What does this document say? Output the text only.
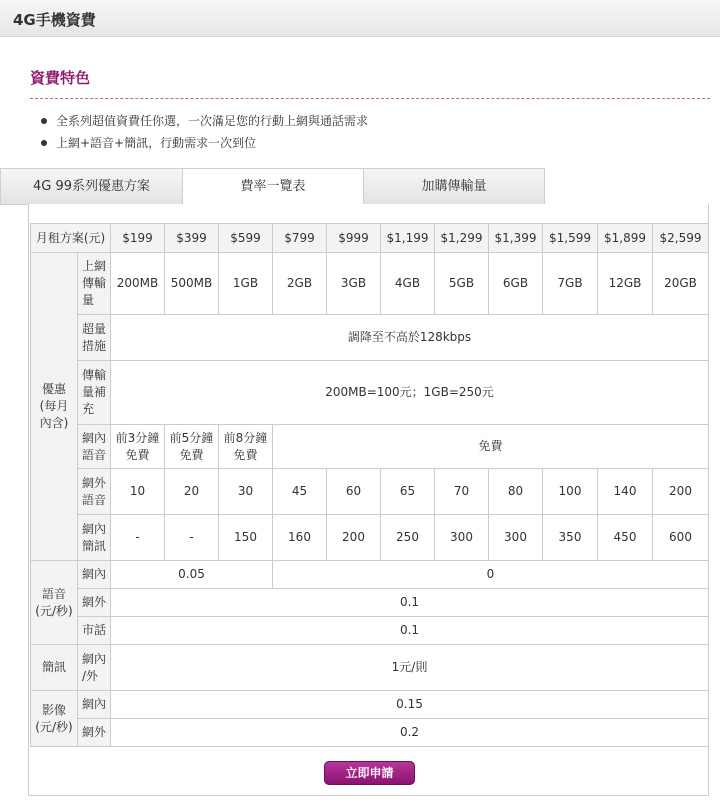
4G手機資費
資費特色
全系列超值資費任你選，一次滿足您的行動上網與通話需求
上網+語音+簡訊，行動需求一次到位
4G 99系列優惠方案	費率一覽表	加購傳輸量
月租方案(元)		$199	$399	$599	$799	$999	$1,199	$1,299	$1,399	$1,599	$1,899	$2,599
優惠
(每月
內含)	上網
傳輸
量	200MB	500MB	1GB	2GB	3GB	4GB	5GB	6GB	7GB	12GB	20GB
	超量
措施	調降至不高於128kbps										
	傳輸
量補
充	200MB=100元；1GB=250元										
	網內
語音	前3分鐘
免費	前5分鐘
免費	前8分鐘
免費	免費							
	網外
語音	10	20	30	45	60	65	70	80	100	140	200
	網內
簡訊	-	-	150	160	200	250	300	300	350	450	600

語音
(元/秒)	網內	0.05			0							
	網外	0.1										
	市話	0.1										
簡訊	網內
/外	1元/則										
影像
(元/秒)	網內	0.15										
	網外	0.2										
立即申請
